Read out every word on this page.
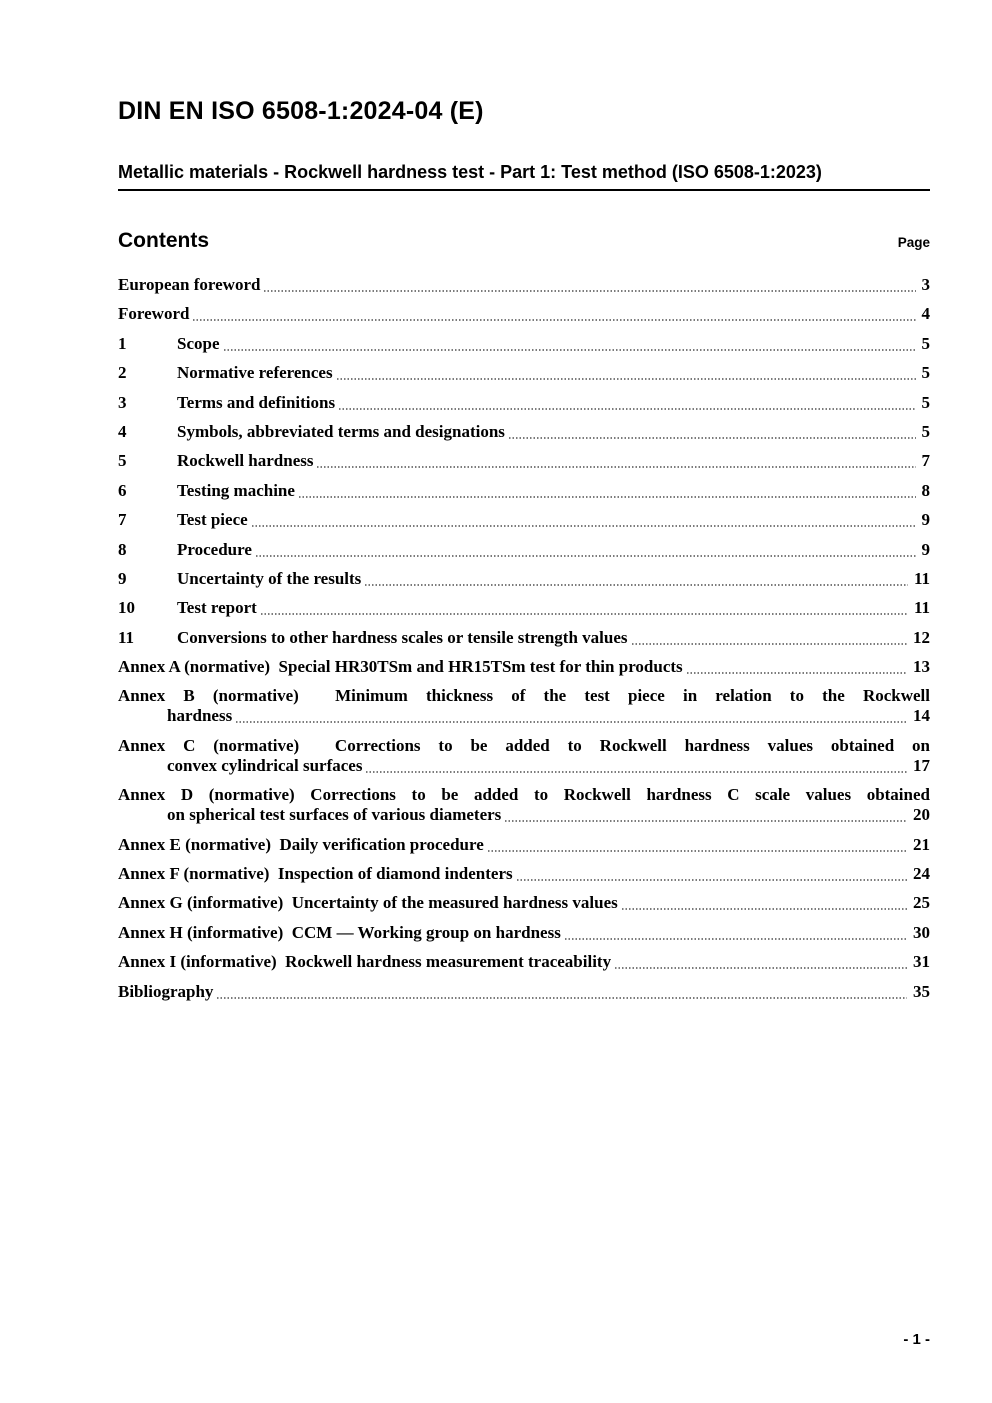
DIN EN ISO 6508-1:2024-04 (E)
Metallic materials - Rockwell hardness test - Part 1: Test method (ISO 6508-1:2023)
Contents	Page
European foreword	3
Foreword	4
1	Scope	5
2	Normative references	5
3	Terms and definitions	5
4	Symbols, abbreviated terms and designations	5
5	Rockwell hardness	7
6	Testing machine	8
7	Test piece	9
8	Procedure	9
9	Uncertainty of the results	11
10	Test report	11
11	Conversions to other hardness scales or tensile strength values	12
Annex A (normative)  Special HR30TSm and HR15TSm test for thin products	13
Annex B (normative)  Minimum thickness of the test piece in relation to the Rockwell
hardness	14
Annex C (normative)  Corrections to be added to Rockwell hardness values obtained on
convex cylindrical surfaces	17
Annex D (normative) Corrections to be added to Rockwell hardness C scale values obtained
on spherical test surfaces of various diameters	20
Annex E (normative)  Daily verification procedure	21
Annex F (normative)  Inspection of diamond indenters	24
Annex G (informative)  Uncertainty of the measured hardness values	25
Annex H (informative)  CCM — Working group on hardness	30
Annex I (informative)  Rockwell hardness measurement traceability	31
Bibliography	35
- 1 -
